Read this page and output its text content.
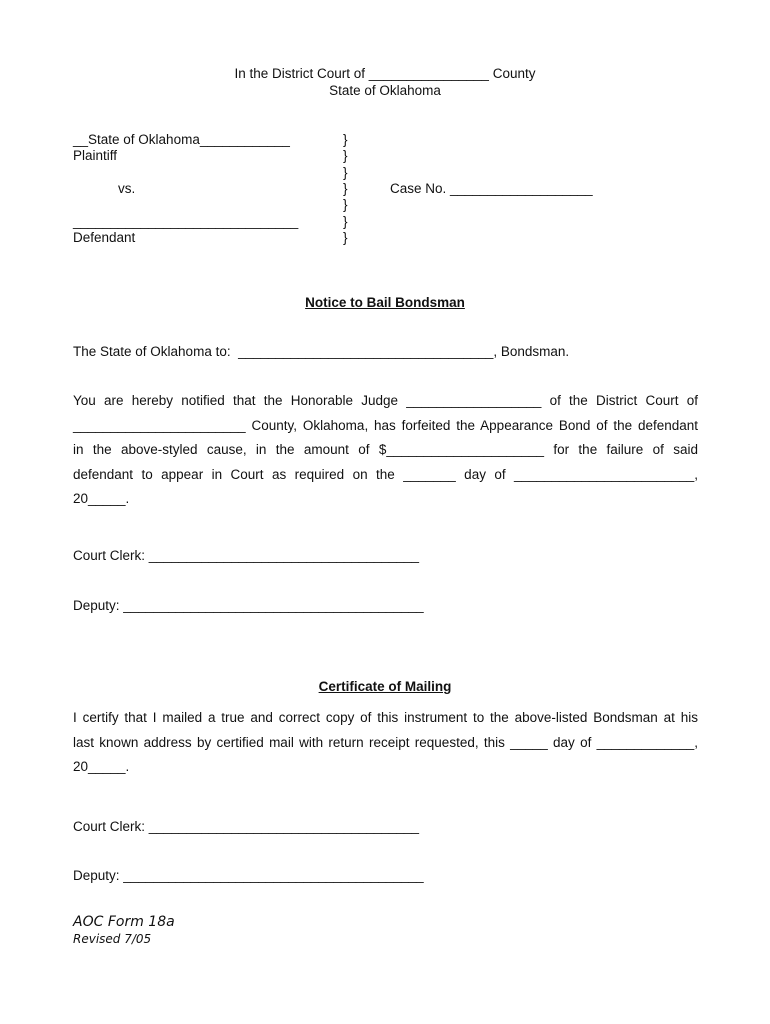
In the District Court of ________________ County
State of Oklahoma
__State of Oklahoma____________
Plaintiff
vs.
______________________________
Defendant
}
}
}
}
}
}
}
Case No. ___________________
Notice to Bail Bondsman
The State of Oklahoma to:  __________________________________, Bondsman.
You are hereby notified that the Honorable Judge __________________ of the District Court of
_______________________ County, Oklahoma, has forfeited the Appearance Bond of the defendant
in the above-styled cause, in the amount of $_____________________ for the failure of said
defendant to appear in Court as required on the _______ day of ________________________,
20_____.
Court Clerk: ____________________________________
Deputy: ________________________________________
Certificate of Mailing
I certify that I mailed a true and correct copy of this instrument to the above-listed Bondsman at his
last known address by certified mail with return receipt requested, this _____ day of _____________,
20_____.
Court Clerk: ____________________________________
Deputy: ________________________________________
AOC Form 18a
Revised 7/05
